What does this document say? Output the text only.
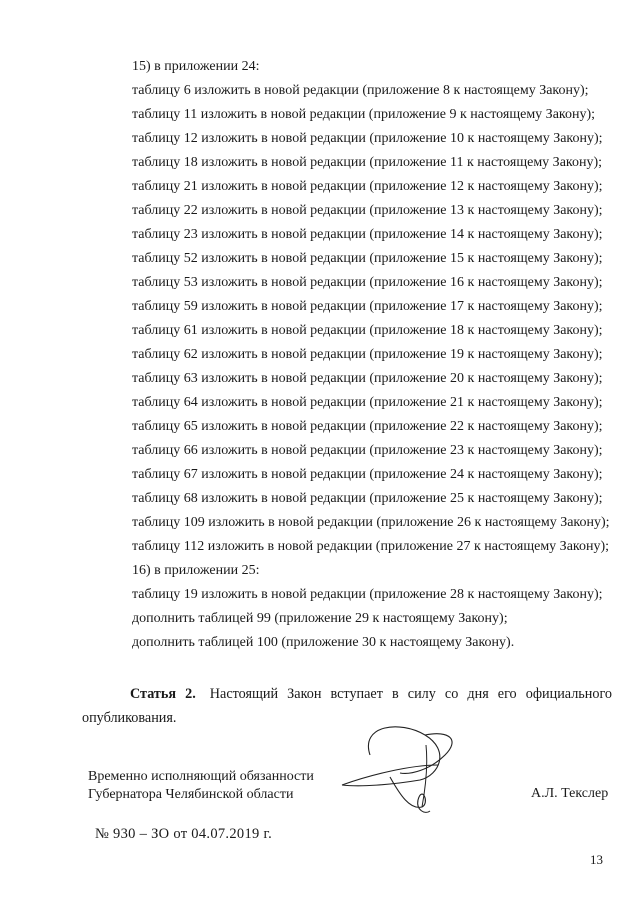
15) в приложении 24:
таблицу 6 изложить в новой редакции (приложение 8 к настоящему Закону);
таблицу 11 изложить в новой редакции (приложение 9 к настоящему Закону);
таблицу 12 изложить в новой редакции (приложение 10 к настоящему Закону);
таблицу 18 изложить в новой редакции (приложение 11 к настоящему Закону);
таблицу 21 изложить в новой редакции (приложение 12 к настоящему Закону);
таблицу 22 изложить в новой редакции (приложение 13 к настоящему Закону);
таблицу 23 изложить в новой редакции (приложение 14 к настоящему Закону);
таблицу 52 изложить в новой редакции (приложение 15 к настоящему Закону);
таблицу 53 изложить в новой редакции (приложение 16 к настоящему Закону);
таблицу 59 изложить в новой редакции (приложение 17 к настоящему Закону);
таблицу 61 изложить в новой редакции (приложение 18 к настоящему Закону);
таблицу 62 изложить в новой редакции (приложение 19 к настоящему Закону);
таблицу 63 изложить в новой редакции (приложение 20 к настоящему Закону);
таблицу 64 изложить в новой редакции (приложение 21 к настоящему Закону);
таблицу 65 изложить в новой редакции (приложение 22 к настоящему Закону);
таблицу 66 изложить в новой редакции (приложение 23 к настоящему Закону);
таблицу 67 изложить в новой редакции (приложение 24 к настоящему Закону);
таблицу 68 изложить в новой редакции (приложение 25 к настоящему Закону);
таблицу 109 изложить в новой редакции (приложение 26 к настоящему Закону);
таблицу 112 изложить в новой редакции (приложение 27 к настоящему Закону);
16) в приложении 25:
таблицу 19 изложить в новой редакции (приложение 28 к настоящему Закону);
дополнить таблицей 99 (приложение 29 к настоящему Закону);
дополнить таблицей 100 (приложение 30 к настоящему Закону).
Статья 2. Настоящий Закон вступает в силу со дня его официального опубликования.
Временно исполняющий обязанности
Губернатора Челябинской области	А.Л. Текслер
№ 930 – ЗО от 04.07.2019 г.
13
